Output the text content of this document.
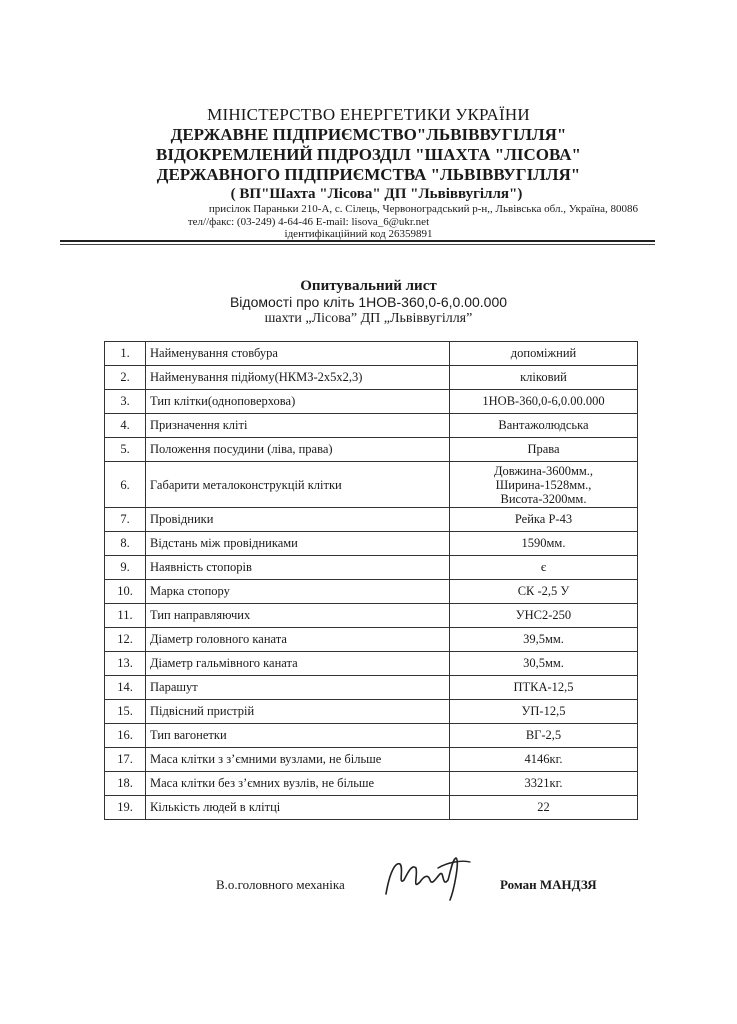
МІНІСТЕРСТВО ЕНЕРГЕТИКИ УКРАЇНИ
ДЕРЖАВНЕ ПІДПРИЄМСТВО"ЛЬВІВВУГІЛЛЯ"
ВІДОКРЕМЛЕНИЙ ПІДРОЗДІЛ "ШАХТА "ЛІСОВА"
ДЕРЖАВНОГО ПІДПРИЄМСТВА "ЛЬВІВВУГІЛЛЯ"
( ВП"Шахта "Лісова" ДП "Львіввугілля")
присілок Параньки 210-А, с. Сілець, Червоноградський р-н,, Львівська обл., Україна, 80086
тел//факс: (03-249) 4-64-46 E-mail: lisova_6@ukr.net
ідентифікаційний код 26359891
Опитувальний лист
Відомості про кліть 1НОВ-360,0-6,0.00.000
шахти „Лісова” ДП „Львіввугілля”
1.	Найменування стовбура	допоміжний
2.	Найменування підйому(НКМЗ-2х5х2,3)	кліковий
3.	Тип клітки(одноповерхова)	1НОВ-360,0-6,0.00.000
4.	Призначення кліті	Вантажолюдська
5.	Положення посудини (ліва, права)	Права
6.	Габарити металоконструкцій клітки	Довжина-3600мм.,
Ширина-1528мм.,
Висота-3200мм.

7.	Провідники	Рейка Р-43
8.	Відстань між провідниками	1590мм.
9.	Наявність стопорів	є
10.	Марка стопору	СК -2,5 У
11.	Тип направляючих	УНС2-250
12.	Діаметр головного каната	39,5мм.
13.	Діаметр гальмівного каната	30,5мм.
14.	Парашут	ПТКА-12,5
15.	Підвісний пристрій	УП-12,5
16.	Тип вагонетки	ВГ-2,5
17.	Маса клітки з з’ємними вузлами, не більше	4146кг.
18.	Маса клітки без з’ємних вузлів, не більше	3321кг.
19.	Кількість людей в клітці	22
В.о.головного механіка	Роман МАНДЗЯ
